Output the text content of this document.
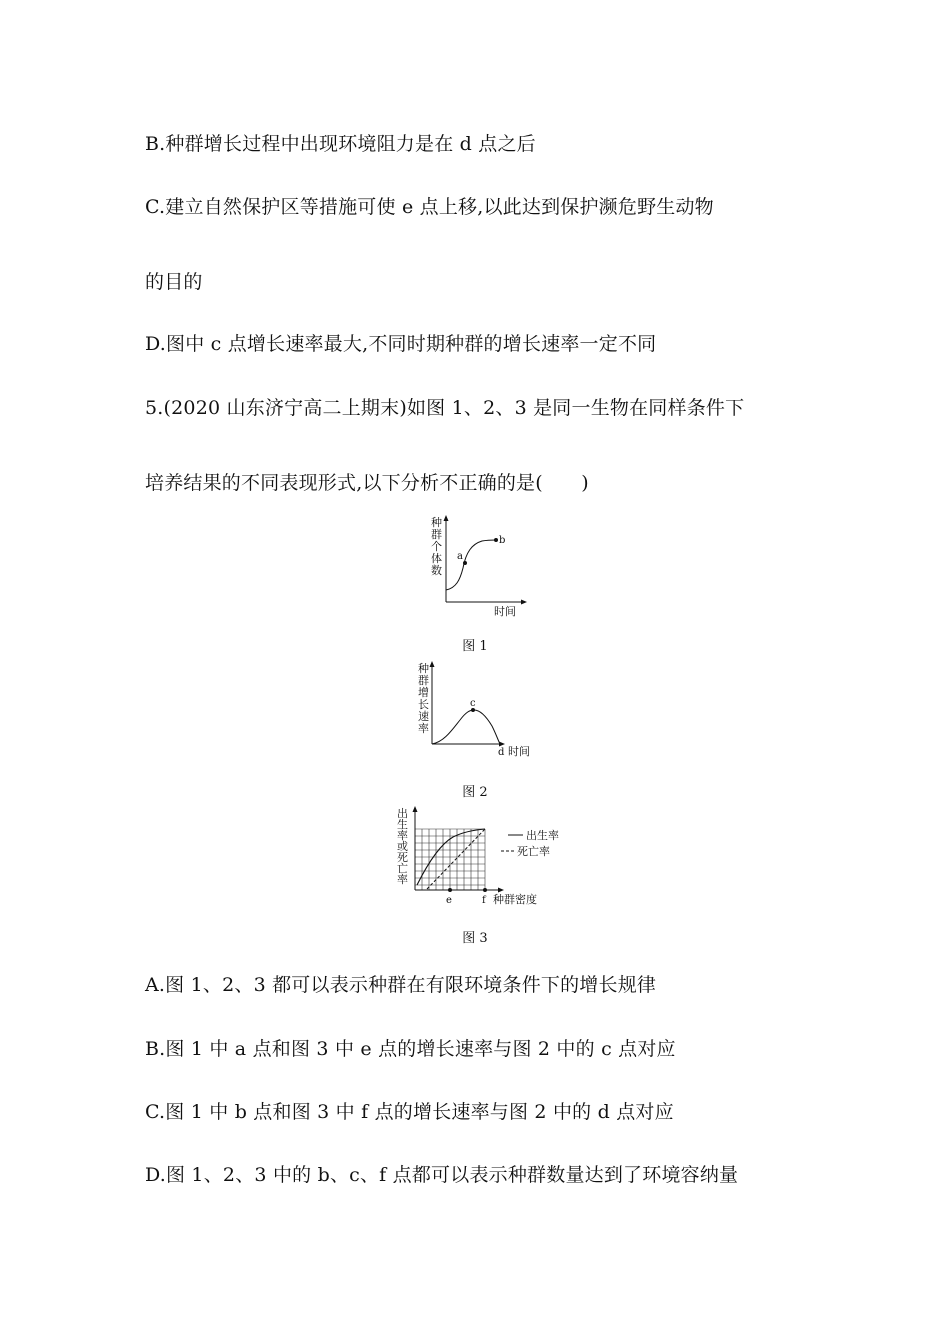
B.种群增长过程中出现环境阻力是在 d 点之后
C.建立自然保护区等措施可使 e 点上移,以此达到保护濒危野生动物
的目的
D.图中 c 点增长速率最大,不同时期种群的增长速率一定不同
5.(2020 山东济宁高二上期末)如图 1、2、3 是同一生物在同样条件下
培养结果的不同表现形式,以下分析不正确的是(　　)
种
群
个
体
数
a
b
时间
图 1
种
群
增
长
速
率
c
d 时间
图 2
出
生
率
或
死
亡
率
e	f 种群密度
出生率
死亡率
图 3
A.图 1、2、3 都可以表示种群在有限环境条件下的增长规律
B.图 1 中 a 点和图 3 中 e 点的增长速率与图 2 中的 c 点对应
C.图 1 中 b 点和图 3 中 f 点的增长速率与图 2 中的 d 点对应
D.图 1、2、3 中的 b、c、f 点都可以表示种群数量达到了环境容纳量
